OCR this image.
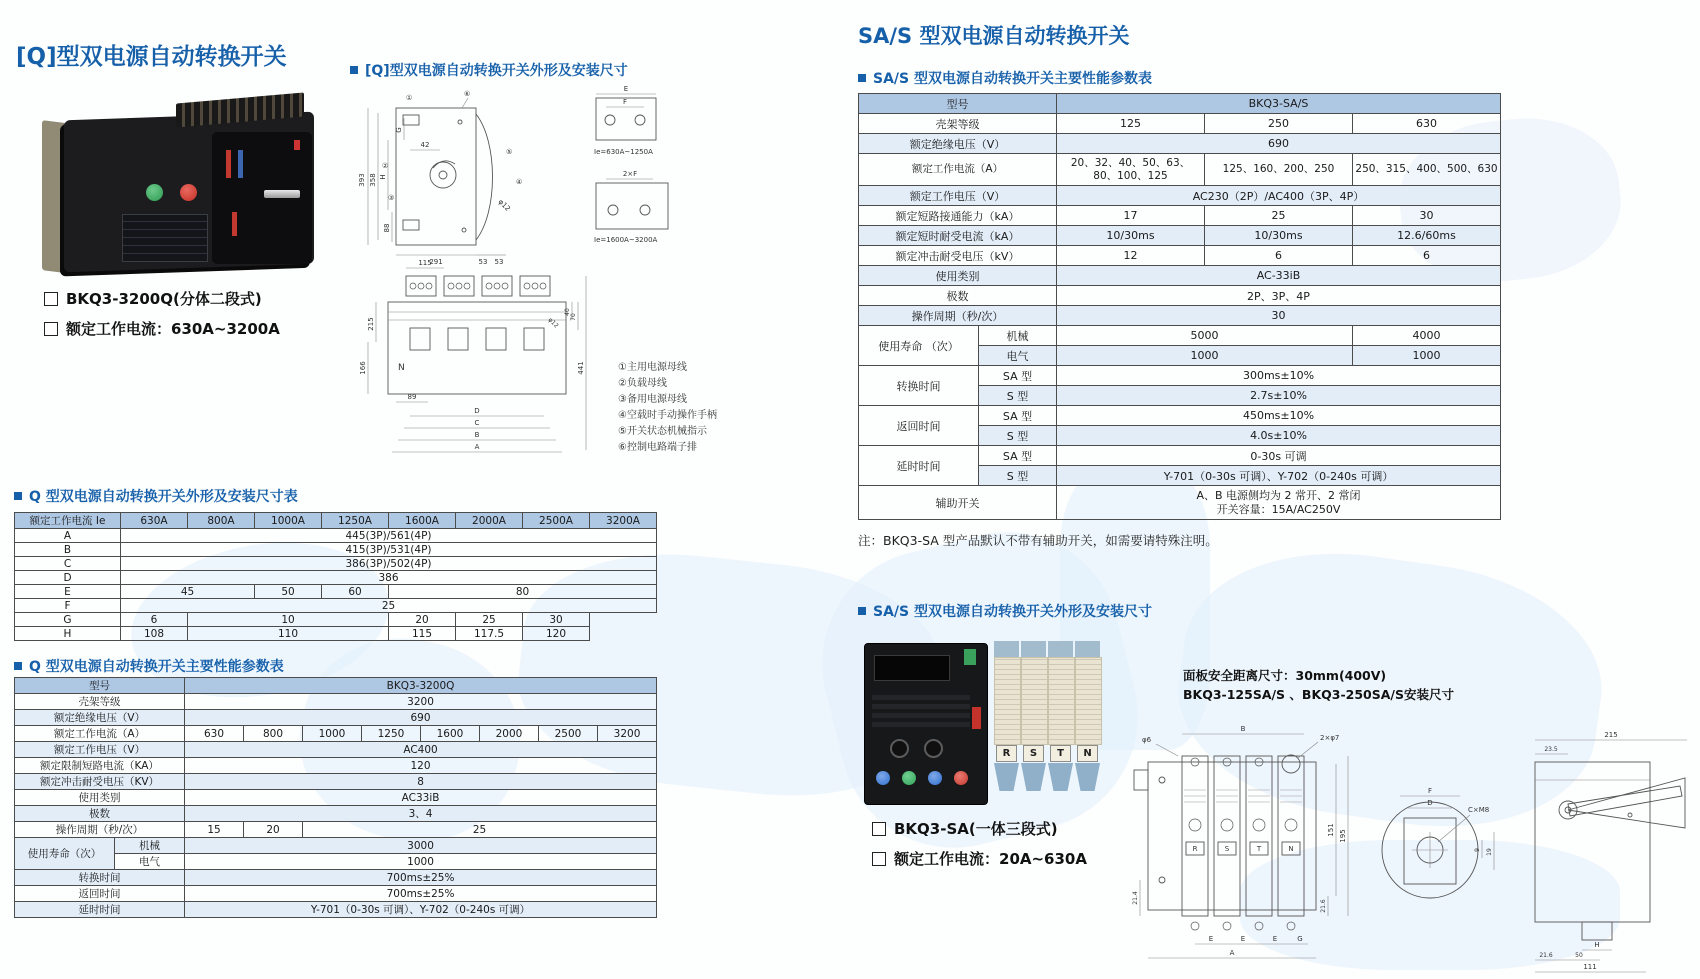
[Q]型双电源自动转换开关
BKQ3-3200Q(分体二段式)
额定工作电流：630A~3200A
[Q]型双电源自动转换开关外形及安装尺寸
393 358 H
G
42
88
291	53 53
φ12
①
②
③
④
⑤
⑥
E
F
Ie=630A~1250A
2×F
Ie=1600A~3200A
115
N
215
166
40
70
441
89
D
C
B
A
φ12
①主用电源母线
②负载母线
③备用电源母线
④空载时手动操作手柄
⑤开关状态机械指示
⑥控制电路端子排
Q 型双电源自动转换开关外形及安装尺寸表
额定工作电流 Ie	630A	800A	1000A	1250A	1600A	2000A	2500A	3200A
A	445(3P)/561(4P)							
B	415(3P)/531(4P)							
C	386(3P)/502(4P)							
D	386							
E	45		50	60	80			
F	25							
G	6	10			20	25	30	
H	108	110			115	117.5	120	
Q 型双电源自动转换开关主要性能参数表
型号		BKQ3-3200Q							
壳架等级		3200							
额定绝缘电压（V）		690							
额定工作电流（A）		630	800	1000	1250	1600	2000	2500	3200
额定工作电压（V）		AC400							
额定限制短路电流（KA）		120							
额定冲击耐受电压（KV）		8							
使用类别		AC33iB							
极数		3、4							
操作周期（秒/次）		15	20	25					
使用寿命（次）	机械	3000							
	电气	1000							
转换时间		700ms±25%							
返回时间		700ms±25%							
延时时间		Y-701（0-30s 可调）、Y-702（0-240s 可调）							
SA/S 型双电源自动转换开关
SA/S 型双电源自动转换开关主要性能参数表
型号		BKQ3-SA/S		
壳架等级		125	250	630
额定绝缘电压（V）		690		
额定工作电流（A）		20、32、40、50、63、80、100、125	125、160、200、250	250、315、400、500、630
额定工作电压（V）		AC230（2P）/AC400（3P、4P）		
额定短路接通能力（kA）		17	25	30
额定短时耐受电流（kA）		10/30ms	10/30ms	12.6/60ms
额定冲击耐受电压（kV）		12	6	6
使用类别		AC-33iB		
极数		2P、3P、4P		
操作周期（秒/次）		30		
使用寿命 （次）	机械	5000		4000
	电气	1000		1000
转换时间	SA 型	300ms±10%		
	S 型	2.7s±10%		
返回时间	SA 型	450ms±10%		
	S 型	4.0s±10%		
延时时间	SA 型	0-30s 可调		
	S 型	Y-701（0-30s 可调）、Y-702（0-240s 可调）		
辅助开关		A、B 电源侧均为 2 常开、2 常闭
开关容量：15A/AC250V		
注：BKQ3-SA 型产品默认不带有辅助开关，如需要请特殊注明。
SA/S 型双电源自动转换开关外形及安装尺寸
R	S	T	N
BKQ3-SA(一体三段式)
额定工作电流：20A~630A
面板安全距离尺寸：30mm(400V)
BKQ3-125SA/S 、BKQ3-250SA/S安装尺寸
R	S	T	N
2×φ7
φ6
B
151 195
21.6
21.4
E	E	E	G
A
F
D
C×M8
9 19
215
23.5
H
21.6	50
111
